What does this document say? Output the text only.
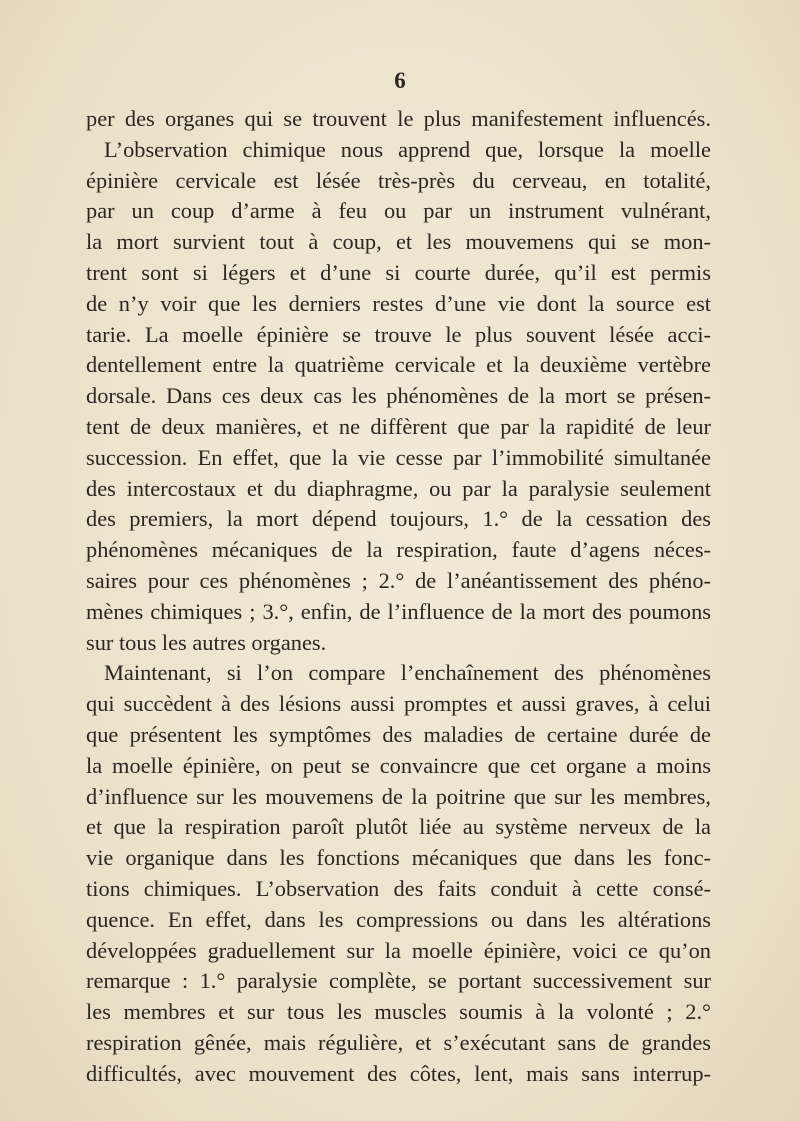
6
per des organes qui se trouvent le plus manifestement influencés.
L’observation chimique nous apprend que, lorsque la moelle
épinière cervicale est lésée très-près du cerveau, en totalité,
par un coup d’arme à feu ou par un instrument vulnérant,
la mort survient tout à coup, et les mouvemens qui se mon-
trent sont si légers et d’une si courte durée, qu’il est permis
de n’y voir que les derniers restes d’une vie dont la source est
tarie. La moelle épinière se trouve le plus souvent lésée acci-
dentellement entre la quatrième cervicale et la deuxième vertèbre
dorsale. Dans ces deux cas les phénomènes de la mort se présen-
tent de deux manières, et ne diffèrent que par la rapidité de leur
succession. En effet, que la vie cesse par l’immobilité simultanée
des intercostaux et du diaphragme, ou par la paralysie seulement
des premiers, la mort dépend toujours, 1.° de la cessation des
phénomènes mécaniques de la respiration, faute d’agens néces-
saires pour ces phénomènes ; 2.° de l’anéantissement des phéno-
mènes chimiques ; 3.°, enfin, de l’influence de la mort des poumons
sur tous les autres organes.
Maintenant, si l’on compare l’enchaînement des phénomènes
qui succèdent à des lésions aussi promptes et aussi graves, à celui
que présentent les symptômes des maladies de certaine durée de
la moelle épinière, on peut se convaincre que cet organe a moins
d’influence sur les mouvemens de la poitrine que sur les membres,
et que la respiration paroît plutôt liée au système nerveux de la
vie organique dans les fonctions mécaniques que dans les fonc-
tions chimiques. L’observation des faits conduit à cette consé-
quence. En effet, dans les compressions ou dans les altérations
développées graduellement sur la moelle épinière, voici ce qu’on
remarque : 1.° paralysie complète, se portant successivement sur
les membres et sur tous les muscles soumis à la volonté ; 2.°
respiration gênée, mais régulière, et s’exécutant sans de grandes
difficultés, avec mouvement des côtes, lent, mais sans interrup-
